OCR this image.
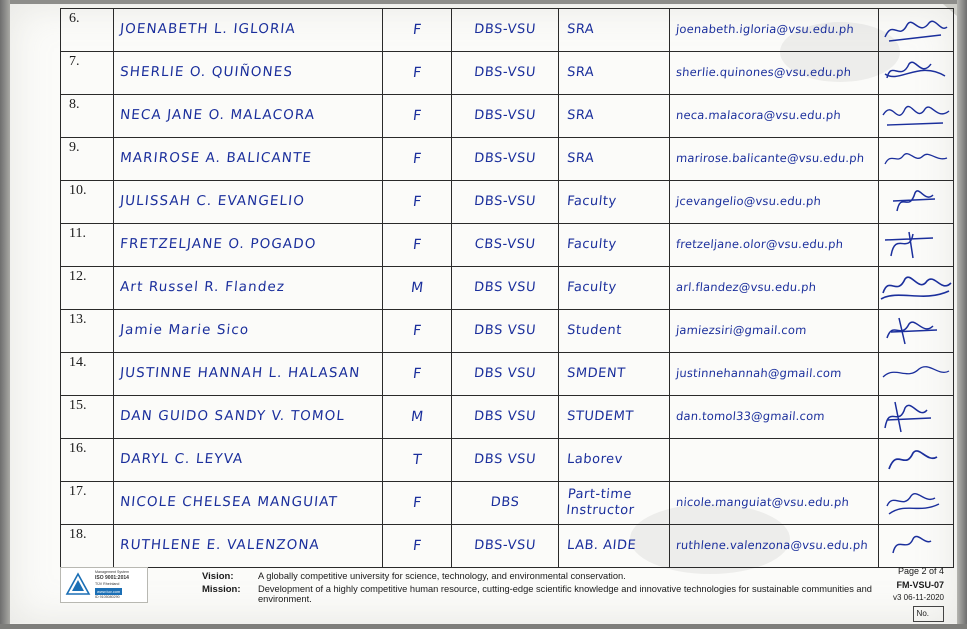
6.	JOENABETH L. IGLORIA	F	DBS-VSU	SRA	joenabeth.igloria@vsu.edu.ph

7.	SHERLIE O. QUIÑONES	F	DBS-VSU	SRA	sherlie.quinones@vsu.edu.ph

8.	NECA JANE O. MALACORA	F	DBS-VSU	SRA	neca.malacora@vsu.edu.ph

9.	MARIROSE A. BALICANTE	F	DBS-VSU	SRA	marirose.balicante@vsu.edu.ph

10.	JULISSAH C. EVANGELIO	F	DBS-VSU	Faculty	jcevangelio@vsu.edu.ph

11.	FRETZELJANE O. POGADO	F	CBS-VSU	Faculty	fretzeljane.olor@vsu.edu.ph

12.	Art Russel R. Flandez	M	DBS VSU	Faculty	arl.flandez@vsu.edu.ph

13.	Jamie Marie Sico	F	DBS VSU	Student	jamiezsiri@gmail.com

14.	JUSTINNE HANNAH L. HALASAN	F	DBS VSU	SMDENT	justinnehannah@gmail.com

15.	DAN GUIDO SANDY V. TOMOL	M	DBS VSU	STUDEMT	dan.tomol33@gmail.com

16.	DARYL C. LEYVA	T	DBS VSU	Laborev

17.	NICOLE CHELSEA MANGUIAT	F	DBS	Part-time Instructor	nicole.manguiat@vsu.edu.ph

18.	RUTHLENE E. VALENZONA	F	DBS-VSU	LAB. AIDE	ruthlene.valenzona@vsu.edu.ph

Management System
ISO 9001:2014
TÜV Rheinland
www.tuv.com
ID 9105080290
Vision:	A globally competitive university for science, technology, and environmental conservation.
Mission:	Development of a highly competitive human resource, cutting-edge scientific knowledge and innovative technologies for sustainable communities and environment.
Page 2 of 4
FM-VSU-07
v3 06-11-2020
No.
